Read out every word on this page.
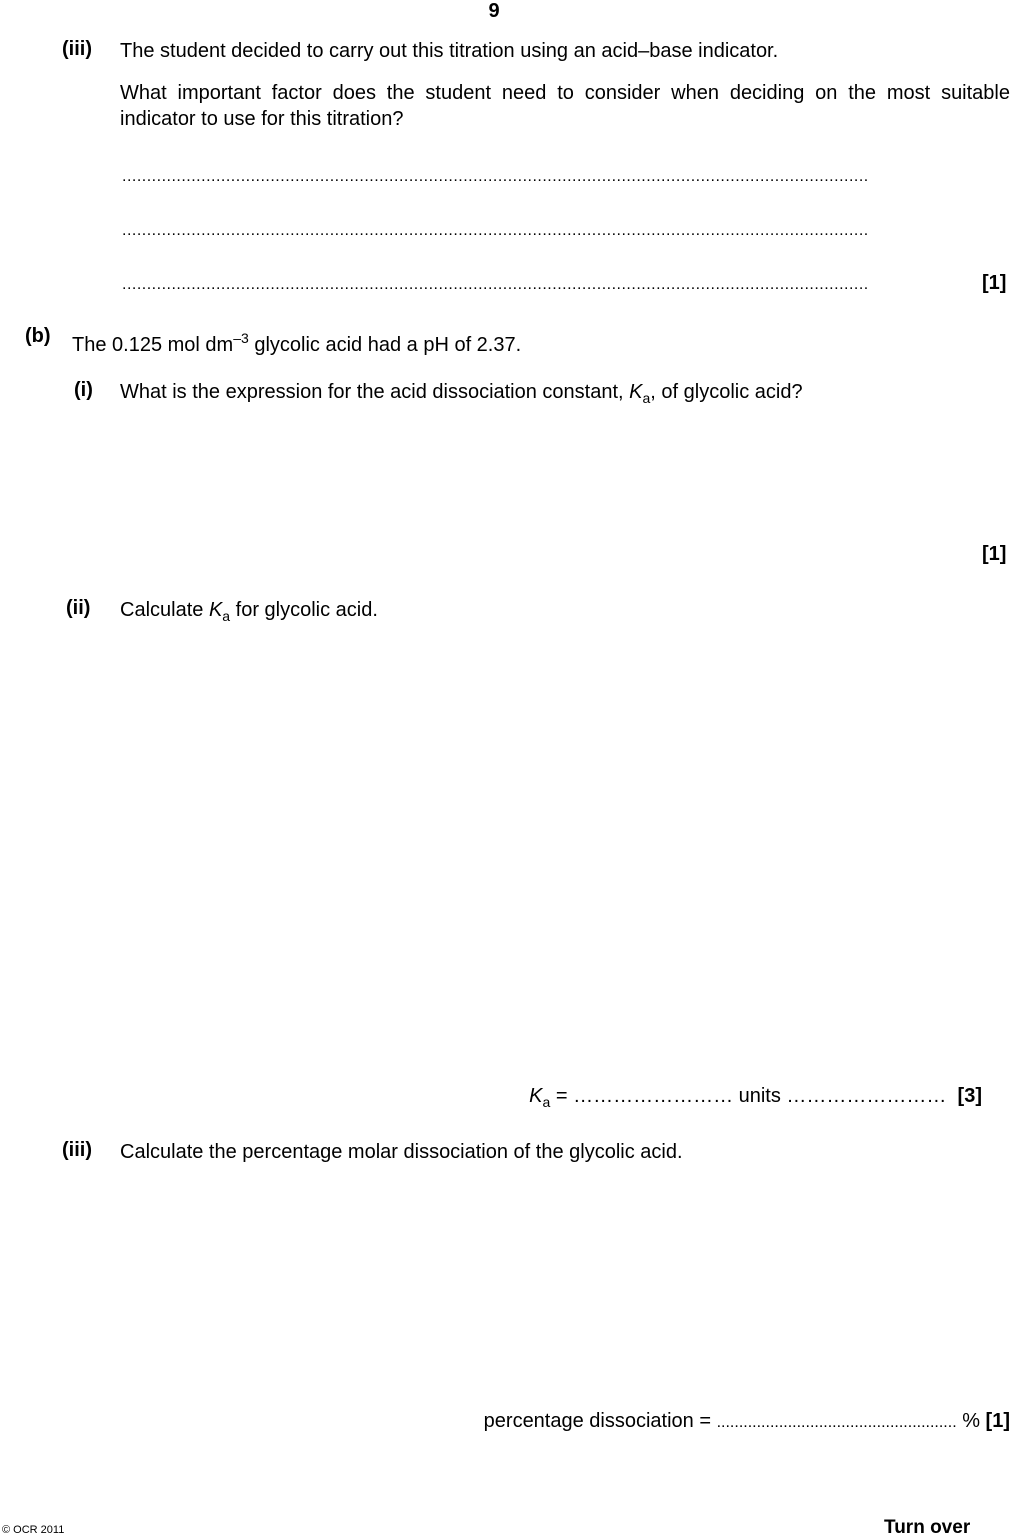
9
(iii) The student decided to carry out this titration using an acid–base indicator.
What important factor does the student need to consider when deciding on the most suitable indicator to use for this titration?
.......................................................................................................................................................
.......................................................................................................................................................
.......................................................................................................................................................	[1]
(b) The 0.125 mol $dm^{-3}$ glycolic acid had a pH of 2.37.
(i) What is the expression for the acid dissociation constant, $K_a$, of glycolic acid?
[1]
(ii) Calculate $K_a$ for glycolic acid.
$K_a$ = …………………… units …………………… [3]
(iii) Calculate the percentage molar dissociation of the glycolic acid.
percentage dissociation = ...................................................... % [1]
© OCR 2011	Turn over
